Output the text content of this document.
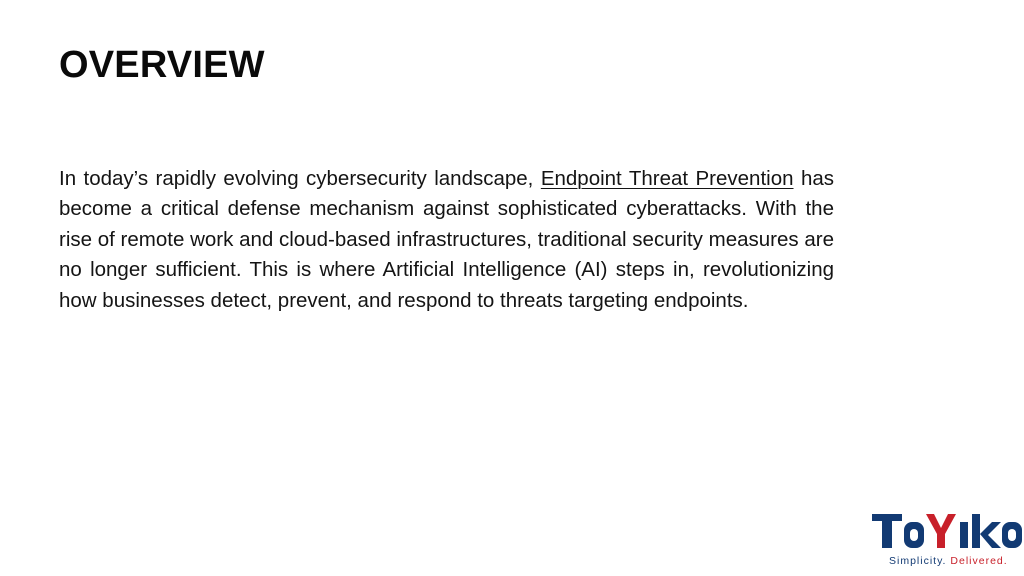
OVERVIEW

In today’s rapidly evolving cybersecurity landscape, Endpoint Threat Prevention has become a critical defense mechanism against sophisticated cyberattacks. With the rise of remote work and cloud-based infrastructures, traditional security measures are no longer sufficient. This is where Artificial Intelligence (AI) steps in, revolutionizing how businesses detect, prevent, and respond to threats targeting endpoints.

Simplicity. Delivered.
